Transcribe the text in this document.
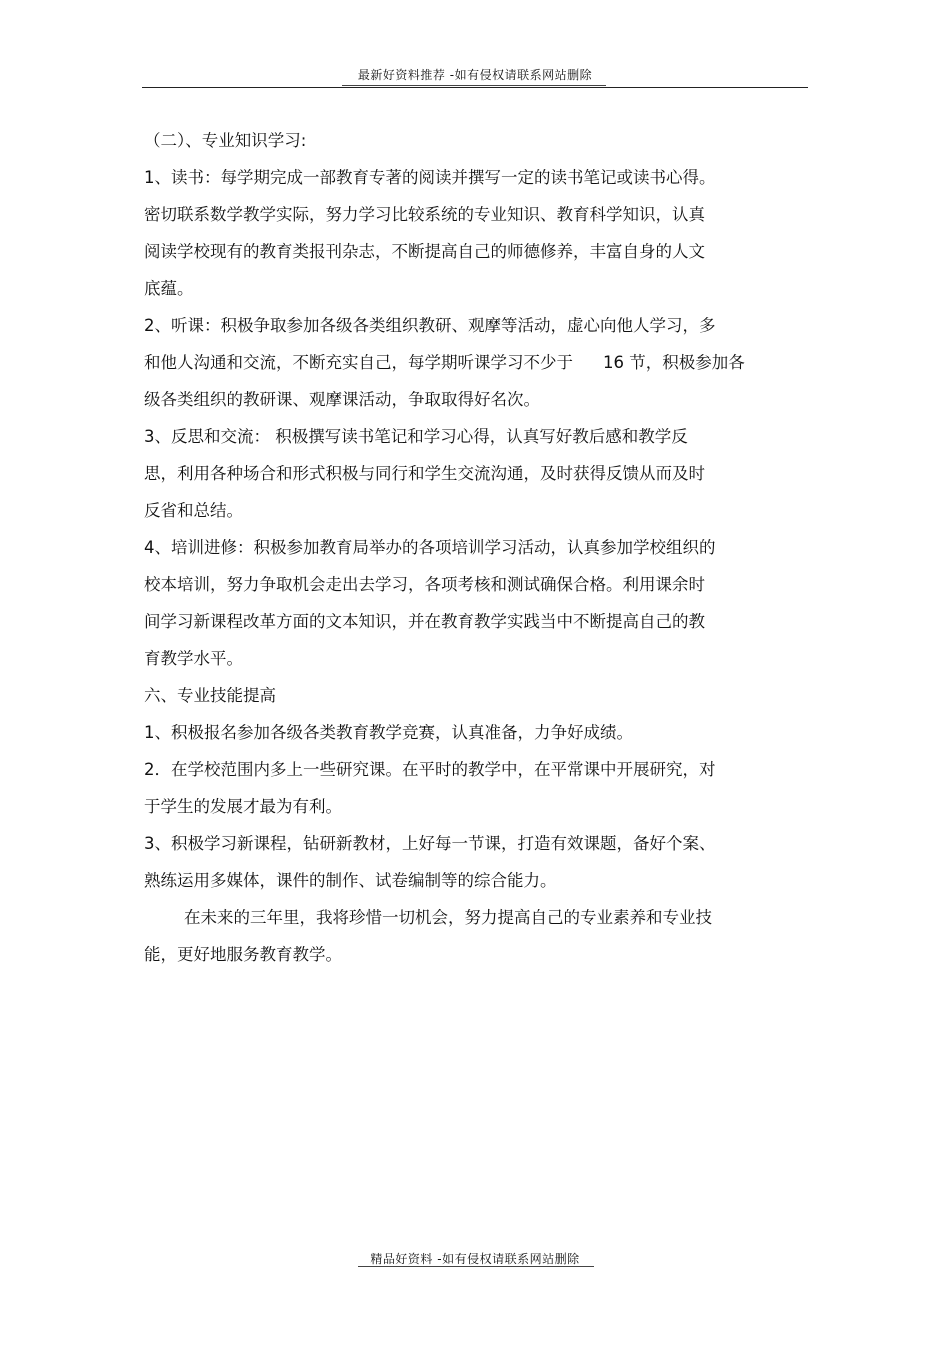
最新好资料推荐 -如有侵权请联系网站删除
（二）、专业知识学习:
1、读书：每学期完成一部教育专著的阅读并撰写一定的读书笔记或读书心得。
密切联系数学教学实际，努力学习比较系统的专业知识、教育科学知识，认真
阅读学校现有的教育类报刊杂志，不断提高自己的师德修养，丰富自身的人文
底蕴。
2、听课：积极争取参加各级各类组织教研、观摩等活动，虚心向他人学习，多
和他人沟通和交流，不断充实自己，每学期听课学习不少于 16 节，积极参加各
级各类组织的教研课、观摩课活动，争取取得好名次。
3、反思和交流： 积极撰写读书笔记和学习心得，认真写好教后感和教学反
思，利用各种场合和形式积极与同行和学生交流沟通，及时获得反馈从而及时
反省和总结。
4、培训进修：积极参加教育局举办的各项培训学习活动，认真参加学校组织的
校本培训，努力争取机会走出去学习，各项考核和测试确保合格。利用课余时
间学习新课程改革方面的文本知识，并在教育教学实践当中不断提高自己的教
育教学水平。
六、专业技能提高
1、积极报名参加各级各类教育教学竞赛，认真准备，力争好成绩。
2．在学校范围内多上一些研究课。在平时的教学中，在平常课中开展研究，对
于学生的发展才最为有利。
3、积极学习新课程，钻研新教材，上好每一节课，打造有效课题，备好个案、
熟练运用多媒体，课件的制作、试卷编制等的综合能力。
在未来的三年里，我将珍惜一切机会，努力提高自己的专业素养和专业技
能，更好地服务教育教学。
精品好资料 -如有侵权请联系网站删除
